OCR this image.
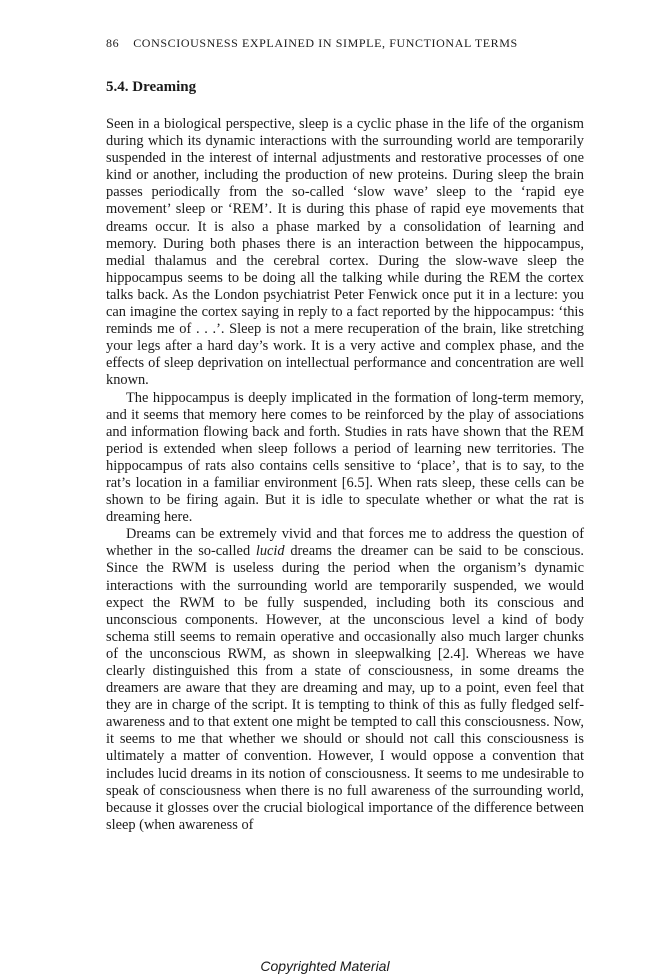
86 CONSCIOUSNESS EXPLAINED IN SIMPLE, FUNCTIONAL TERMS
5.4. Dreaming

Seen in a biological perspective, sleep is a cyclic phase in the life of the organism during which its dynamic interactions with the surrounding world are temporarily suspended in the interest of internal adjustments and restorative processes of one kind or another, including the production of new proteins. During sleep the brain passes periodically from the so-called ‘slow wave’ sleep to the ‘rapid eye movement’ sleep or ‘REM’. It is during this phase of rapid eye movements that dreams occur. It is also a phase marked by a consolidation of learning and memory. During both phases there is an interaction between the hippocampus, medial thalamus and the cerebral cortex. During the slow-wave sleep the hippocampus seems to be doing all the talking while during the REM the cortex talks back. As the London psychiatrist Peter Fenwick once put it in a lecture: you can imagine the cortex saying in reply to a fact reported by the hippocampus: ‘this reminds me of . . .’. Sleep is not a mere recuperation of the brain, like stretching your legs after a hard day’s work. It is a very active and complex phase, and the effects of sleep deprivation on intellectual performance and concentration are well known.

The hippocampus is deeply implicated in the formation of long-term memory, and it seems that memory here comes to be reinforced by the play of associations and information flowing back and forth. Studies in rats have shown that the REM period is extended when sleep follows a period of learning new territories. The hippocampus of rats also contains cells sensitive to ‘place’, that is to say, to the rat’s location in a familiar environment [6.5]. When rats sleep, these cells can be shown to be firing again. But it is idle to speculate whether or what the rat is dreaming here.

Dreams can be extremely vivid and that forces me to address the question of whether in the so-called lucid dreams the dreamer can be said to be conscious. Since the RWM is useless during the period when the organism’s dynamic interactions with the surrounding world are temporarily suspended, we would expect the RWM to be fully suspended, including both its conscious and unconscious components. However, at the unconscious level a kind of body schema still seems to remain operative and occasionally also much larger chunks of the unconscious RWM, as shown in sleepwalking [2.4]. Whereas we have clearly distinguished this from a state of consciousness, in some dreams the dreamers are aware that they are dreaming and may, up to a point, even feel that they are in charge of the script. It is tempting to think of this as fully fledged self-awareness and to that extent one might be tempted to call this consciousness. Now, it seems to me that whether we should or should not call this consciousness is ultimately a matter of convention. However, I would oppose a convention that includes lucid dreams in its notion of consciousness. It seems to me undesirable to speak of consciousness when there is no full awareness of the surrounding world, because it glosses over the crucial biological importance of the difference between sleep (when awareness of

Copyrighted Material
